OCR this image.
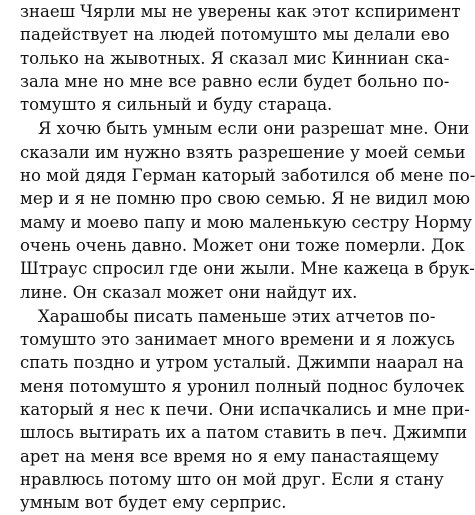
знаеш Чярли мы не уверены как этот кспиримент
падействует на людей потомушто мы делали ево
только на жывотных. Я сказал мис Кинниан ска-
зала мне но мне все равно если будет больно по-
томушто я сильный и буду стараца.
Я хочю быть умным если они разрешат мне. Они
сказали им нужно взять разрешение у моей семьи
но мой дядя Герман каторый заботился об мене по-
мер и я не помню про свою семью. Я не видил мою
маму и моево папу и мою маленькую сестру Норму
очень очень давно. Может они тоже померли. Док
Штраус спросил где они жыли. Мне кажеца в брук-
лине. Он сказал может они найдут их.
Харашобы писать паменьше этих атчетов по-
томушто это занимает много времени и я ложусь
спать поздно и утром усталый. Джимпи наарал на
меня потомушто я уронил полный поднос булочек
каторый я нес к печи. Они испачкались и мне при-
шлось вытирать их а патом ставить в печ. Джимпи
арет на меня все время но я ему панастаящему
нравлюсь потому што он мой друг. Если я стану
умным вот будет ему серприс.
